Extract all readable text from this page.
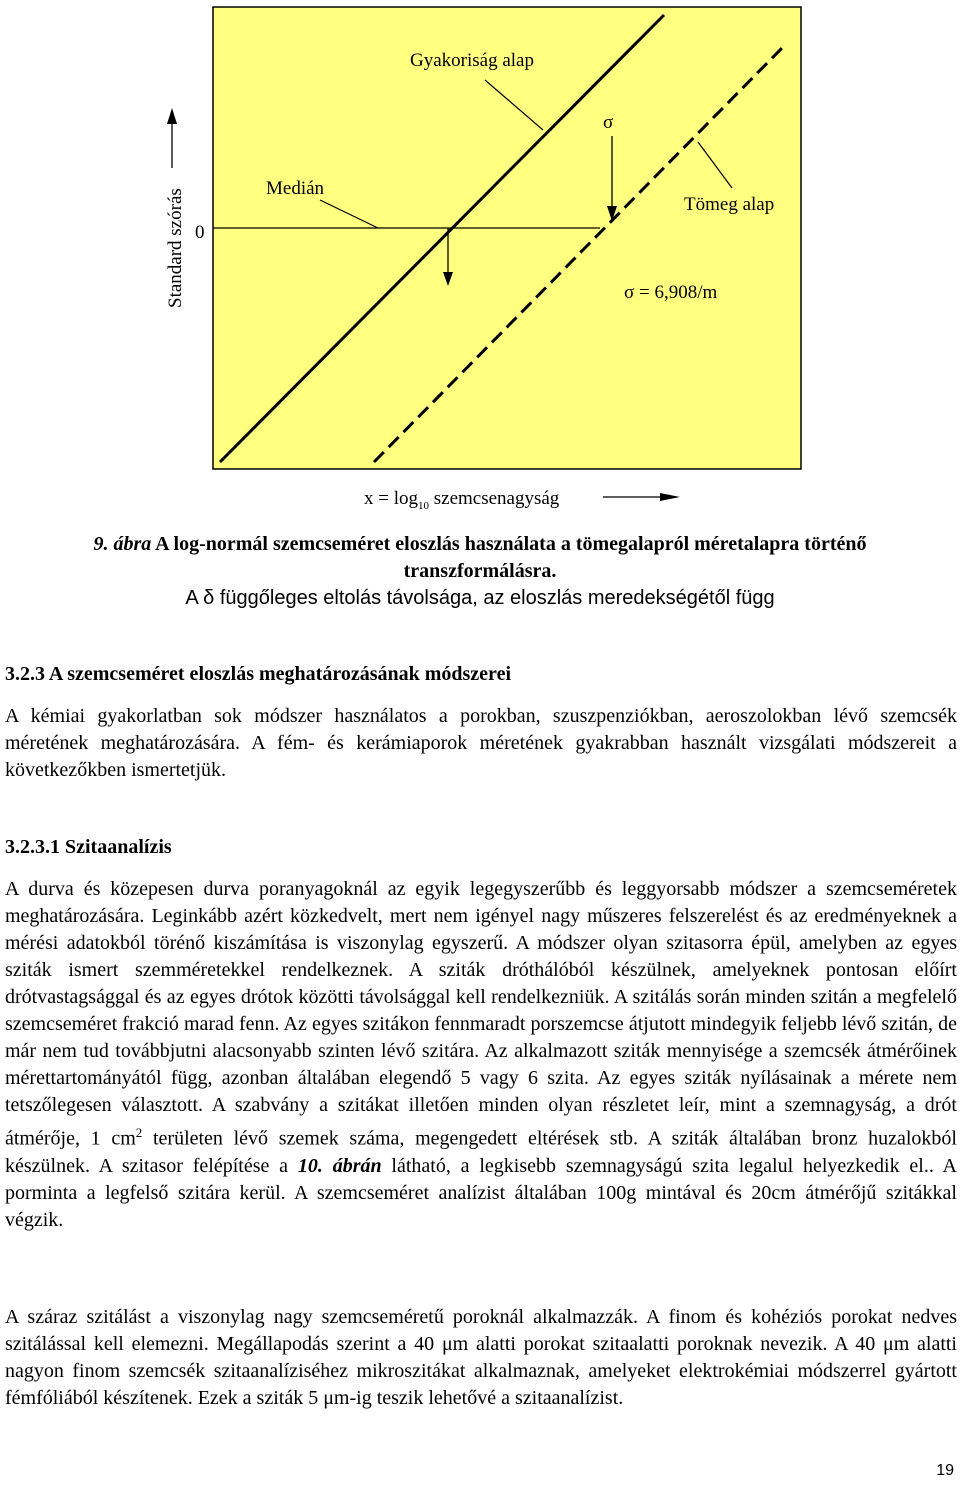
Gyakoriság alap
σ
Medián
Tömeg alap
0
σ = 6,908/m
Standard szórás
$x = \log_{10}$ szemcsenagyság
9. ábra A log-normál szemcseméret eloszlás használata a tömegalapról méretalapra történő
transzformálásra.
A δ függőleges eltolás távolsága, az eloszlás meredekségétől függ
3.2.3 A szemcseméret eloszlás meghatározásának módszerei

A kémiai gyakorlatban sok módszer használatos a porokban, szuszpenziókban, aeroszolokban lévő szemcsék méretének meghatározására. A fém- és kerámiaporok méretének gyakrabban használt vizsgálati módszereit a következőkben ismertetjük.

3.2.3.1 Szitaanalízis

A durva és közepesen durva poranyagoknál az egyik legegyszerűbb és leggyorsabb módszer a szemcseméretek meghatározására. Leginkább azért közkedvelt, mert nem igényel nagy műszeres felszerelést és az eredményeknek a mérési adatokból törénő kiszámítása is viszonylag egyszerű. A módszer olyan szitasorra épül, amelyben az egyes sziták ismert szemméretekkel rendelkeznek. A sziták dróthálóból készülnek, amelyeknek pontosan előírt drótvastagsággal és az egyes drótok közötti távolsággal kell rendelkezniük. A szitálás során minden szitán a megfelelő szemcseméret frakció marad fenn. Az egyes szitákon fennmaradt porszemcse átjutott mindegyik feljebb lévő szitán, de már nem tud továbbjutni alacsonyabb szinten lévő szitára. Az alkalmazott sziták mennyisége a szemcsék átmérőinek mérettartományától függ, azonban általában elegendő 5 vagy 6 szita. Az egyes sziták nyílásainak a mérete nem tetszőlegesen választott. A szabvány a szitákat illetően minden olyan részletet leír, mint a szemnagyság, a drót átmérője, 1 $cm^2$ területen lévő szemek száma, megengedett eltérések stb. A sziták általában bronz huzalokból készülnek. A szitasor felépítése a 10. ábrán látható, a legkisebb szemnagyságú szita legalul helyezkedik el.. A porminta a legfelső szitára kerül. A szemcseméret analízist általában 100g mintával és 20cm átmérőjű szitákkal végzik.

A száraz szitálást a viszonylag nagy szemcseméretű poroknál alkalmazzák. A finom és kohéziós porokat nedves szitálással kell elemezni. Megállapodás szerint a 40 μm alatti porokat szitaalatti poroknak nevezik. A 40 μm alatti nagyon finom szemcsék szitaanalíziséhez mikroszitákat alkalmaznak, amelyeket elektrokémiai módszerrel gyártott fémfóliából készítenek. Ezek a sziták 5 μm-ig teszik lehetővé a szitaanalízist.

19
